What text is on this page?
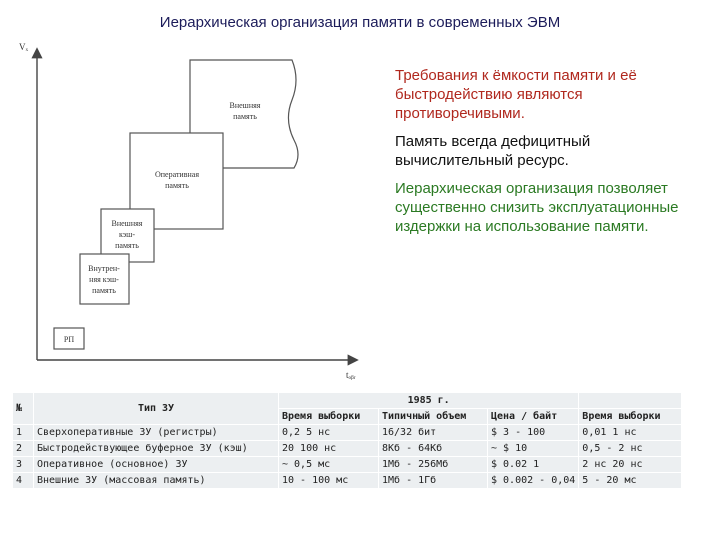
Иерархическая организация памяти в современных ЭВМ
Vₓ
tₒᵦᵣ
Внешняя
память
Оперативная
память
Внешняя
кэш-
память
Внутрен-
няя кэш-
память
РП

Требования к ёмкости памяти и её быстродействию являются противоречивыми.

Память всегда дефицитный вычислительный ресурс.

Иерархическая организация позволяет существенно снизить эксплуатационные издержки на использование памяти.

№	Тип ЗУ	1985 г.			
		Время выборки	Типичный объем	Цена / байт	Время выборки
1	Сверхоперативные ЗУ (регистры)	0,2 5 нс	16/32 бит	$ 3 - 100	0,01 1 нс
2	Быстродействующее буферное ЗУ (кэш)	20 100 нс	8Кб - 64Кб	~ $ 10	0,5 - 2 нс
3	Оперативное (основное) ЗУ	~ 0,5 мс	1Мб - 256Мб	$ 0.02 1	2 нс 20 нс
4	Внешние ЗУ (массовая память)	10 - 100 мс	1Мб - 1Гб	$ 0.002 - 0,04	5 - 20 мс
